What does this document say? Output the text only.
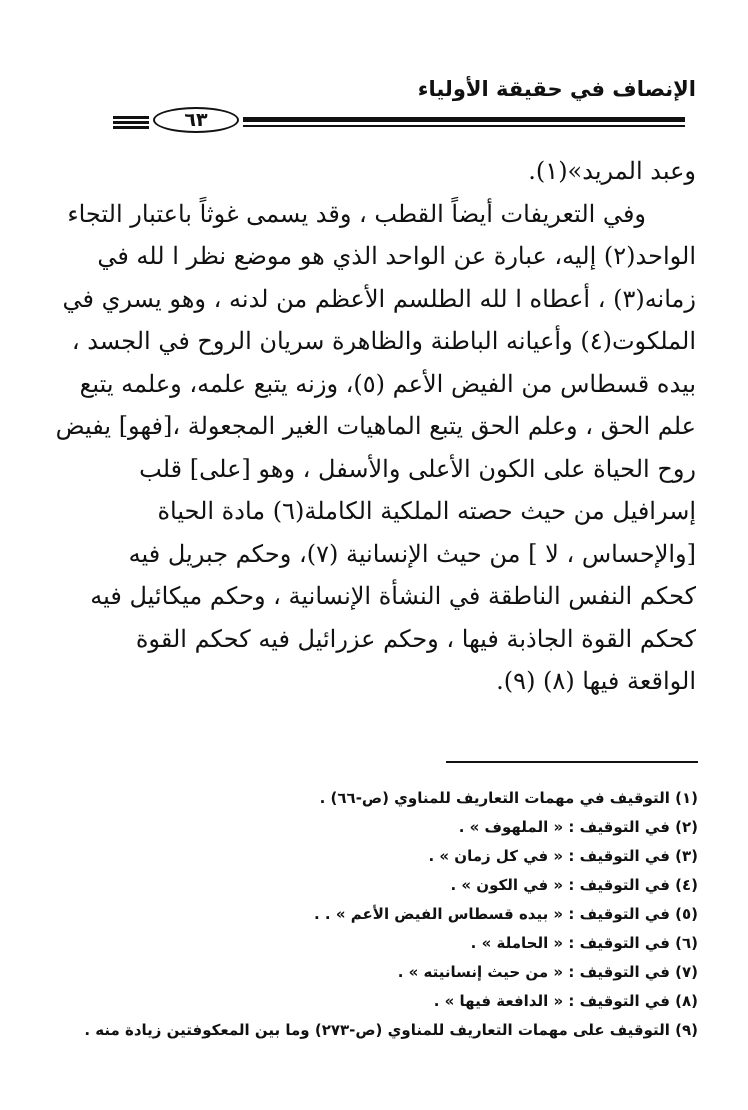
الإنصاف في حقيقة الأولياء
٦٣
وعبد المريد»(١).
وفي التعريفات أيضاً القطب ، وقد يسمى غوثاً باعتبار التجاء
الواحد(٢) إليه، عبارة عن الواحد الذي هو موضع نظر ا لله في
زمانه(٣) ، أعطاه ا لله الطلسم الأعظم من لدنه ، وهو يسري في
الملكوت(٤) وأعيانه الباطنة والظاهرة سريان الروح في الجسد ،
بيده قسطاس من الفيض الأعم (٥)، وزنه يتبع علمه، وعلمه يتبع
علم الحق ، وعلم الحق يتبع الماهيات الغير المجعولة ،[فهو] يفيض
روح الحياة على الكون الأعلى والأسفل ، وهو [على] قلب
إسرافيل من حيث حصته الملكية الكاملة(٦) مادة الحياة
[والإحساس ، لا ] من حيث الإنسانية (٧)، وحكم جبريل فيه
كحكم النفس الناطقة في النشأة الإنسانية ، وحكم ميكائيل فيه
كحكم القوة الجاذبة فيها ، وحكم عزرائيل فيه كحكم القوة
الواقعة فيها (٨) (٩).
(١) التوقيف في مهمات التعاريف للمناوي (ص-٦٦) .
(٢) في التوقيف : « الملهوف » .
(٣) في التوقيف : « في كل زمان » .
(٤) في التوقيف : « في الكون » .
(٥) في التوقيف : « بيده قسطاس الفيض الأعم » . .
(٦) في التوقيف : « الحاملة » .
(٧) في التوقيف : « من حيث إنسانيته » .
(٨) في التوقيف : « الدافعة فيها » .
(٩) التوقيف على مهمات التعاريف للمناوي (ص-٢٧٣) وما بين المعكوفتين زيادة منه .
